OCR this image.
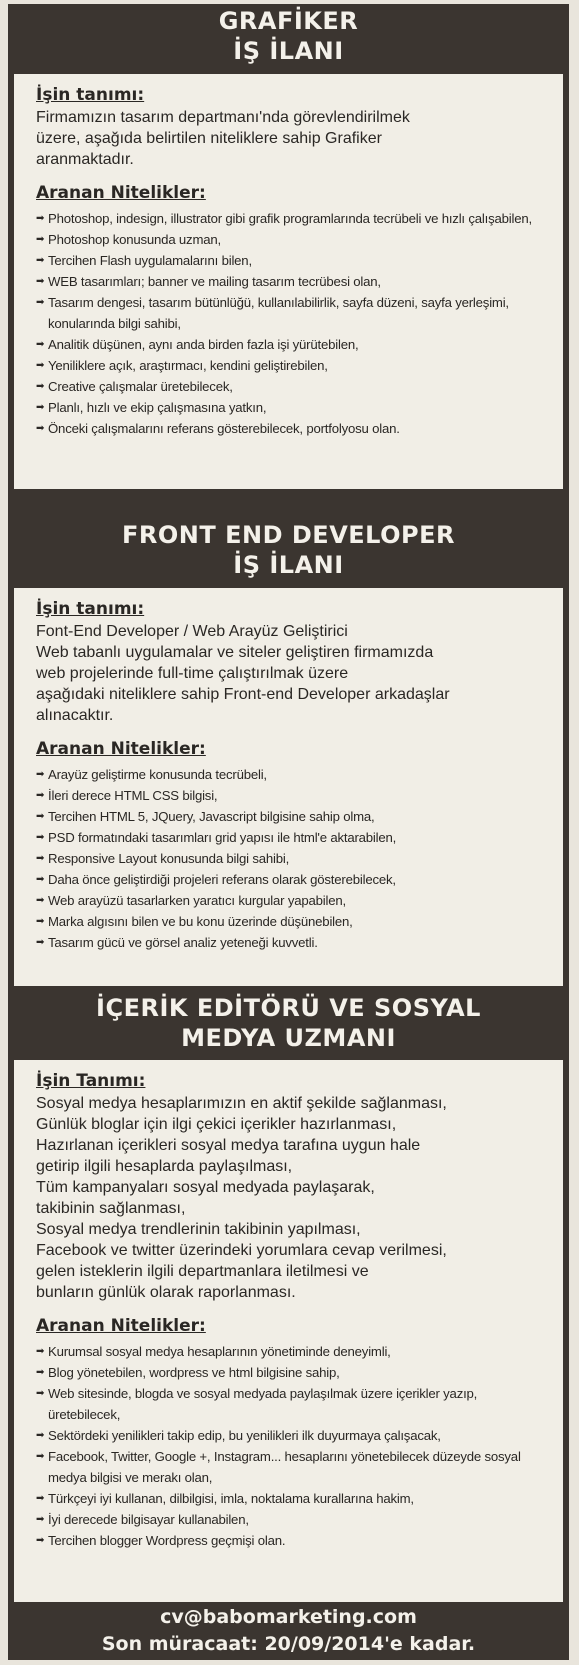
GRAFİKER
İŞ İLANI

İşin tanımı:

Firmamızın tasarım departmanı'nda görevlendirilmek
üzere, aşağıda belirtilen niteliklere sahip Grafiker
aranmaktadır.

Aranan Nitelikler:

➡ Photoshop, indesign, illustrator gibi grafik programlarında tecrübeli ve hızlı çalışabilen,
➡ Photoshop konusunda uzman,
➡ Tercihen Flash uygulamalarını bilen,
➡ WEB tasarımları; banner ve mailing tasarım tecrübesi olan,
➡ Tasarım dengesi, tasarım bütünlüğü, kullanılabilirlik, sayfa düzeni, sayfa yerleşimi, konularında bilgi sahibi,
➡ Analitik düşünen, aynı anda birden fazla işi yürütebilen,
➡ Yeniliklere açık, araştırmacı, kendini geliştirebilen,
➡ Creative çalışmalar üretebilecek,
➡ Planlı, hızlı ve ekip çalışmasına yatkın,
➡ Önceki çalışmalarını referans gösterebilecek, portfolyosu olan.
FRONT END DEVELOPER
İŞ İLANI

İşin tanımı:

Font-End Developer / Web Arayüz Geliştirici
Web tabanlı uygulamalar ve siteler geliştiren firmamızda
web projelerinde full-time çalıştırılmak üzere
aşağıdaki niteliklere sahip Front-end Developer arkadaşlar
alınacaktır.

Aranan Nitelikler:

➡ Arayüz geliştirme konusunda tecrübeli,
➡ İleri derece HTML CSS bilgisi,
➡ Tercihen HTML 5, JQuery, Javascript bilgisine sahip olma,
➡ PSD formatındaki tasarımları grid yapısı ile html'e aktarabilen,
➡ Responsive Layout konusunda bilgi sahibi,
➡ Daha önce geliştirdiği projeleri referans olarak gösterebilecek,
➡ Web arayüzü tasarlarken yaratıcı kurgular yapabilen,
➡ Marka algısını bilen ve bu konu üzerinde düşünebilen,
➡ Tasarım gücü ve görsel analiz yeteneği kuvvetli.
İÇERİK EDİTÖRÜ VE SOSYAL
MEDYA UZMANI

İşin Tanımı:

Sosyal medya hesaplarımızın en aktif şekilde sağlanması,
Günlük bloglar için ilgi çekici içerikler hazırlanması,
Hazırlanan içerikleri sosyal medya tarafına uygun hale
getirip ilgili hesaplarda paylaşılması,
Tüm kampanyaları sosyal medyada paylaşarak,
takibinin sağlanması,
Sosyal medya trendlerinin takibinin yapılması,
Facebook ve twitter üzerindeki yorumlara cevap verilmesi,
gelen isteklerin ilgili departmanlara iletilmesi ve
bunların günlük olarak raporlanması.

Aranan Nitelikler:

➡ Kurumsal sosyal medya hesaplarının yönetiminde deneyimli,
➡ Blog yönetebilen, wordpress ve html bilgisine sahip,
➡ Web sitesinde, blogda ve sosyal medyada paylaşılmak üzere içerikler yazıp, üretebilecek,
➡ Sektördeki yenilikleri takip edip, bu yenilikleri ilk duyurmaya çalışacak,
➡ Facebook, Twitter, Google +, Instagram... hesaplarını yönetebilecek düzeyde sosyal medya bilgisi ve merakı olan,
➡ Türkçeyi iyi kullanan, dilbilgisi, imla, noktalama kurallarına hakim,
➡ İyi derecede bilgisayar kullanabilen,
➡ Tercihen blogger Wordpress geçmişi olan.
cv@babomarketing.com
Son müracaat: 20/09/2014'e kadar.
